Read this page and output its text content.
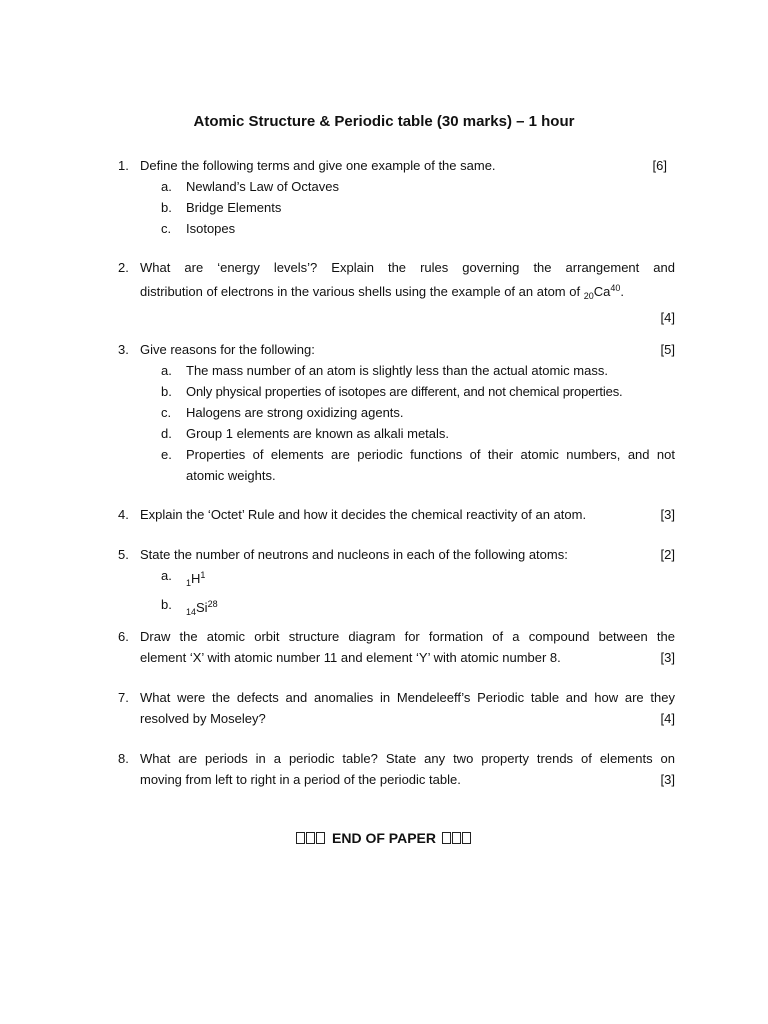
Atomic Structure & Periodic table (30 marks) – 1 hour
1. Define the following terms and give one example of the same.	[6]
a.	Newland’s Law of Octaves
b.	Bridge Elements
c.	Isotopes
2. What are ‘energy levels’? Explain the rules governing the arrangement and
distribution of electrons in the various shells using the example of an atom of $_{20}Ca^{40}$.
[4]
3. Give reasons for the following:	[5]
a.	The mass number of an atom is slightly less than the actual atomic mass.
b.	Only physical properties of isotopes are different, and not chemical properties.
c.	Halogens are strong oxidizing agents.
d.	Group 1 elements are known as alkali metals.
e.	Properties of elements are periodic functions of their atomic numbers, and not atomic weights.
4. Explain the ‘Octet’ Rule and how it decides the chemical reactivity of an atom.	[3]
5. State the number of neutrons and nucleons in each of the following atoms:	[2]
a.	$_1H^1$
b.	$_{14}Si^{28}$
6. Draw the atomic orbit structure diagram for formation of a compound between the
element ‘X’ with atomic number 11 and element ‘Y’ with atomic number 8.	[3]
7. What were the defects and anomalies in Mendeleeff’s Periodic table and how are they
resolved by Moseley?	[4]
8. What are periods in a periodic table? State any two property trends of elements on
moving from left to right in a period of the periodic table.	[3]
END OF PAPER
